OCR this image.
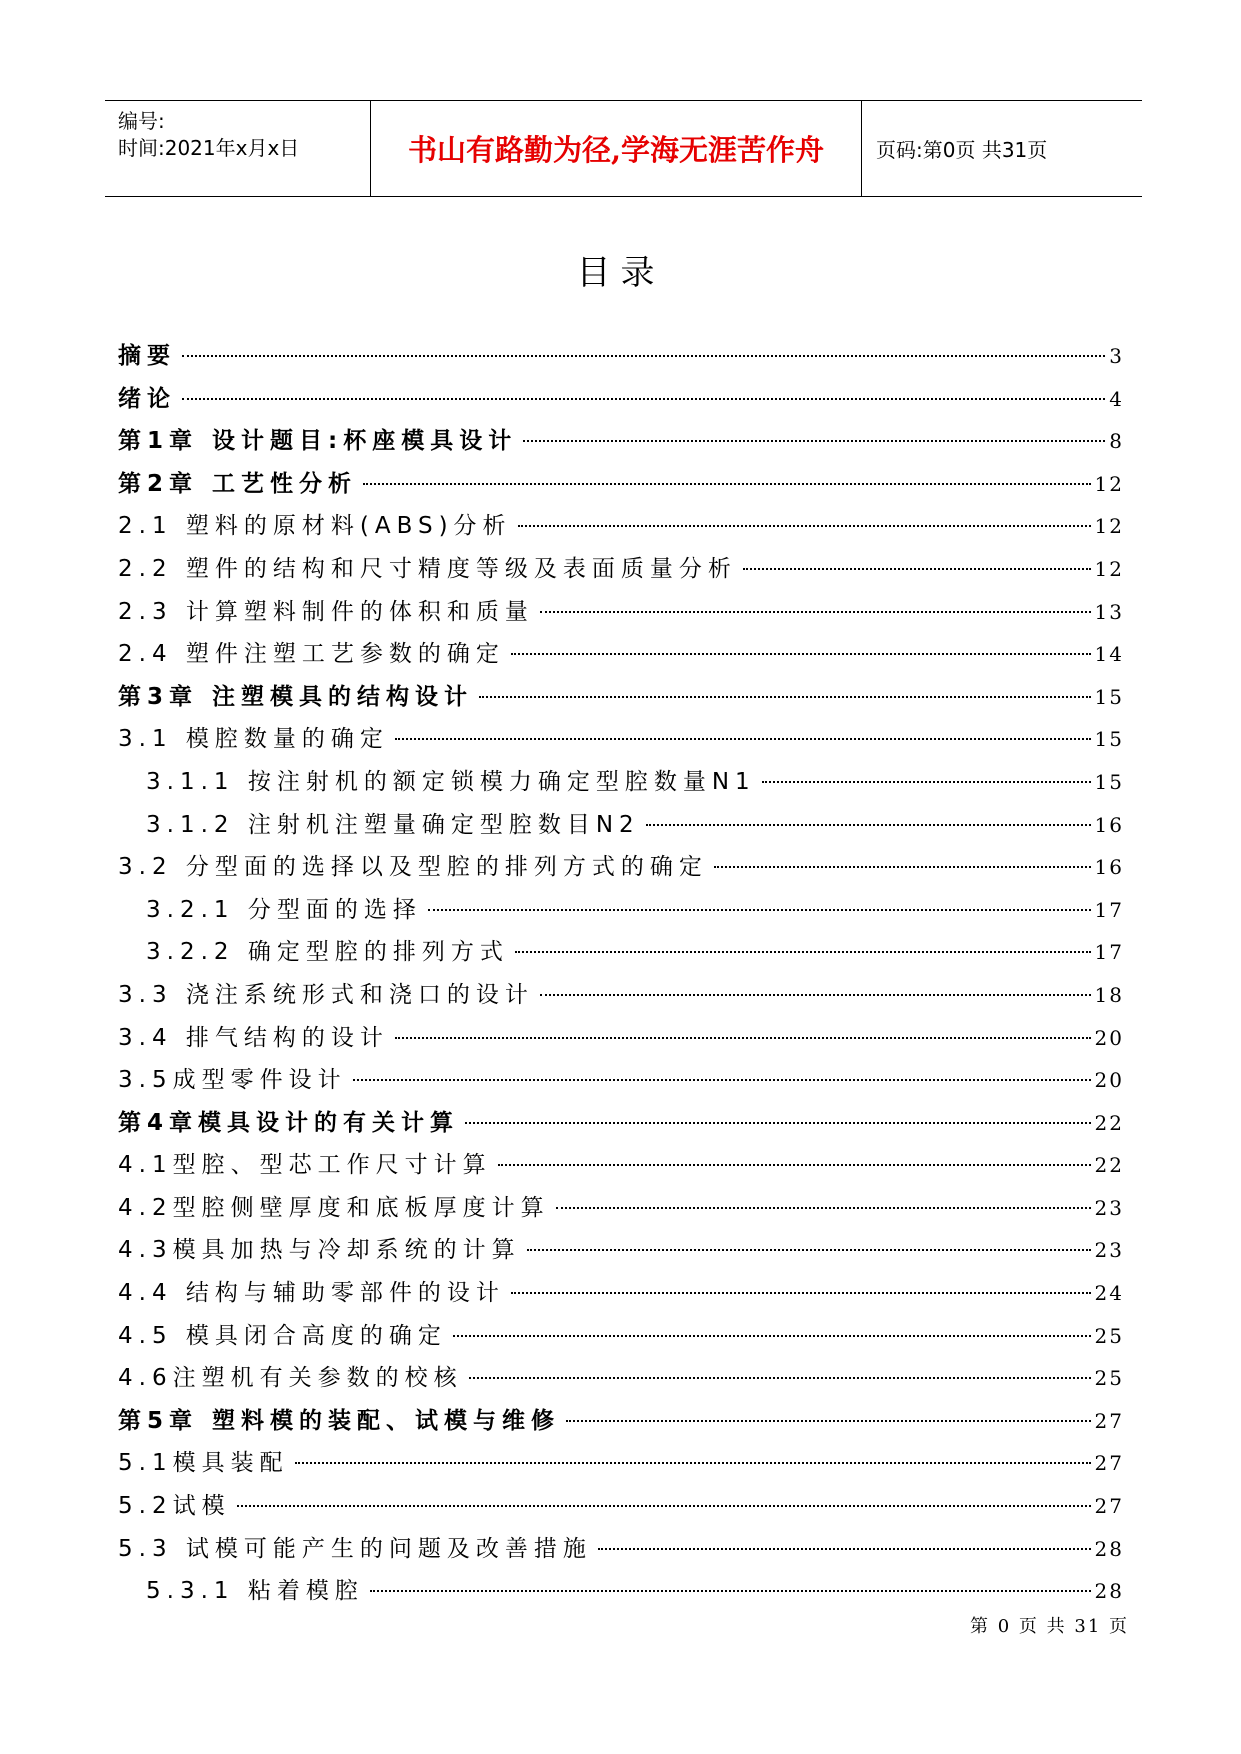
编号:
时间:2021年x月x日	书山有路勤为径,学海无涯苦作舟	页码:第0页 共31页
目录
摘要	3
绪论	4
第1章 设计题目:杯座模具设计	8
第2章 工艺性分析	12
2.1 塑料的原材料(ABS)分析	12
2.2 塑件的结构和尺寸精度等级及表面质量分析	12
2.3 计算塑料制件的体积和质量	13
2.4 塑件注塑工艺参数的确定	14
第3章 注塑模具的结构设计	15
3.1 模腔数量的确定	15
3.1.1 按注射机的额定锁模力确定型腔数量N1	15
3.1.2 注射机注塑量确定型腔数目N2	16
3.2 分型面的选择以及型腔的排列方式的确定	16
3.2.1 分型面的选择	17
3.2.2 确定型腔的排列方式	17
3.3 浇注系统形式和浇口的设计	18
3.4 排气结构的设计	20
3.5成型零件设计	20
第4章模具设计的有关计算	22
4.1型腔、型芯工作尺寸计算	22
4.2型腔侧壁厚度和底板厚度计算	23
4.3模具加热与冷却系统的计算	23
4.4 结构与辅助零部件的设计	24
4.5 模具闭合高度的确定	25
4.6注塑机有关参数的校核	25
第5章 塑料模的装配、试模与维修	27
5.1模具装配	27
5.2试模	27
5.3 试模可能产生的问题及改善措施	28
5.3.1 粘着模腔	28
第 0 页 共 31 页
